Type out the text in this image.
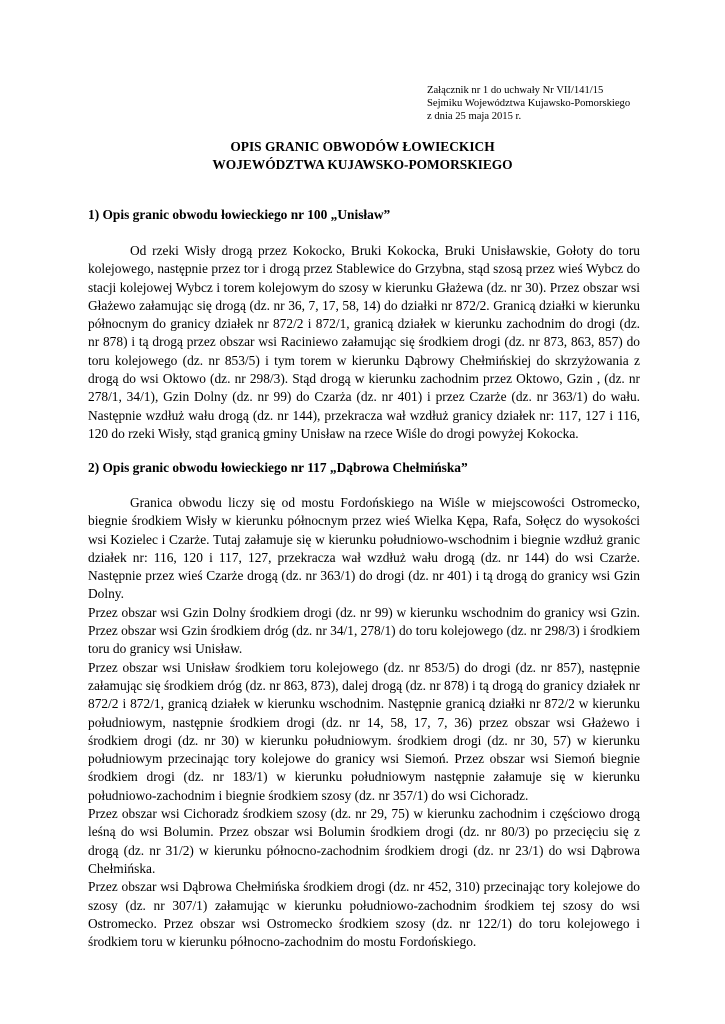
Załącznik nr 1 do uchwały Nr VII/141/15
Sejmiku Województwa Kujawsko-Pomorskiego
z dnia 25 maja 2015 r.
OPIS GRANIC OBWODÓW ŁOWIECKICH
WOJEWÓDZTWA KUJAWSKO-POMORSKIEGO

1) Opis granic obwodu łowieckiego nr 100 „Unisław”

Od rzeki Wisły drogą przez Kokocko, Bruki Kokocka, Bruki Unisławskie, Gołoty do toru kolejowego, następnie przez tor i drogą przez Stablewice do Grzybna, stąd szosą przez wieś Wybcz do stacji kolejowej Wybcz i torem kolejowym do szosy w kierunku Głażewa (dz. nr 30). Przez obszar wsi Głażewo załamując się drogą (dz. nr 36, 7, 17, 58, 14) do działki nr 872/2. Granicą działki w kierunku północnym do granicy działek nr 872/2 i 872/1, granicą działek w kierunku zachodnim do drogi (dz. nr 878) i tą drogą przez obszar wsi Raciniewo załamując się środkiem drogi (dz. nr 873, 863, 857) do toru kolejowego (dz. nr 853/5) i tym torem w kierunku Dąbrowy Chełmińskiej do skrzyżowania z drogą do wsi Oktowo (dz. nr 298/3). Stąd drogą w kierunku zachodnim przez Oktowo, Gzin , (dz. nr 278/1, 34/1), Gzin Dolny (dz. nr 99) do Czarża (dz. nr 401) i przez Czarże (dz. nr 363/1) do wału. Następnie wzdłuż wału drogą (dz. nr 144), przekracza wał wzdłuż granicy działek nr: 117, 127 i 116, 120 do rzeki Wisły, stąd granicą gminy Unisław na rzece Wiśle do drogi powyżej Kokocka.

2) Opis granic obwodu łowieckiego nr 117 „Dąbrowa Chełmińska”

Granica obwodu liczy się od mostu Fordońskiego na Wiśle w miejscowości Ostromecko, biegnie środkiem Wisły w kierunku północnym przez wieś Wielka Kępa, Rafa, Sołęcz do wysokości wsi Kozielec i Czarże. Tutaj załamuje się w kierunku południowo-wschodnim i biegnie wzdłuż granic działek nr: 116, 120 i 117, 127, przekracza wał wzdłuż wału drogą (dz. nr 144) do wsi Czarże. Następnie przez wieś Czarże drogą (dz. nr 363/1) do drogi (dz. nr 401) i tą drogą do granicy wsi Gzin Dolny.

Przez obszar wsi Gzin Dolny środkiem drogi (dz. nr 99) w kierunku wschodnim do granicy wsi Gzin. Przez obszar wsi Gzin środkiem dróg (dz. nr 34/1, 278/1) do toru kolejowego (dz. nr 298/3) i środkiem toru do granicy wsi Unisław.

Przez obszar wsi Unisław środkiem toru kolejowego (dz. nr 853/5) do drogi (dz. nr 857), następnie załamując się środkiem dróg (dz. nr 863, 873), dalej drogą (dz. nr 878) i tą drogą do granicy działek nr 872/2 i 872/1, granicą działek w kierunku wschodnim. Następnie granicą działki nr 872/2 w kierunku południowym, następnie środkiem drogi (dz. nr 14, 58, 17, 7, 36) przez obszar wsi Głażewo i środkiem drogi (dz. nr 30) w kierunku południowym. środkiem drogi (dz. nr 30, 57) w kierunku południowym przecinając tory kolejowe do granicy wsi Siemoń. Przez obszar wsi Siemoń biegnie środkiem drogi (dz. nr 183/1) w kierunku południowym następnie załamuje się w kierunku południowo-zachodnim i biegnie środkiem szosy (dz. nr 357/1) do wsi Cichoradz.

Przez obszar wsi Cichoradz środkiem szosy (dz. nr 29, 75) w kierunku zachodnim i częściowo drogą leśną do wsi Bolumin. Przez obszar wsi Bolumin środkiem drogi (dz. nr 80/3) po przecięciu się z drogą (dz. nr 31/2) w kierunku północno-zachodnim środkiem drogi (dz. nr 23/1) do wsi Dąbrowa Chełmińska.

Przez obszar wsi Dąbrowa Chełmińska środkiem drogi (dz. nr 452, 310) przecinając tory kolejowe do szosy (dz. nr 307/1) załamując w kierunku południowo-zachodnim środkiem tej szosy do wsi Ostromecko. Przez obszar wsi Ostromecko środkiem szosy (dz. nr 122/1) do toru kolejowego i środkiem toru w kierunku północno-zachodnim do mostu Fordońskiego.
